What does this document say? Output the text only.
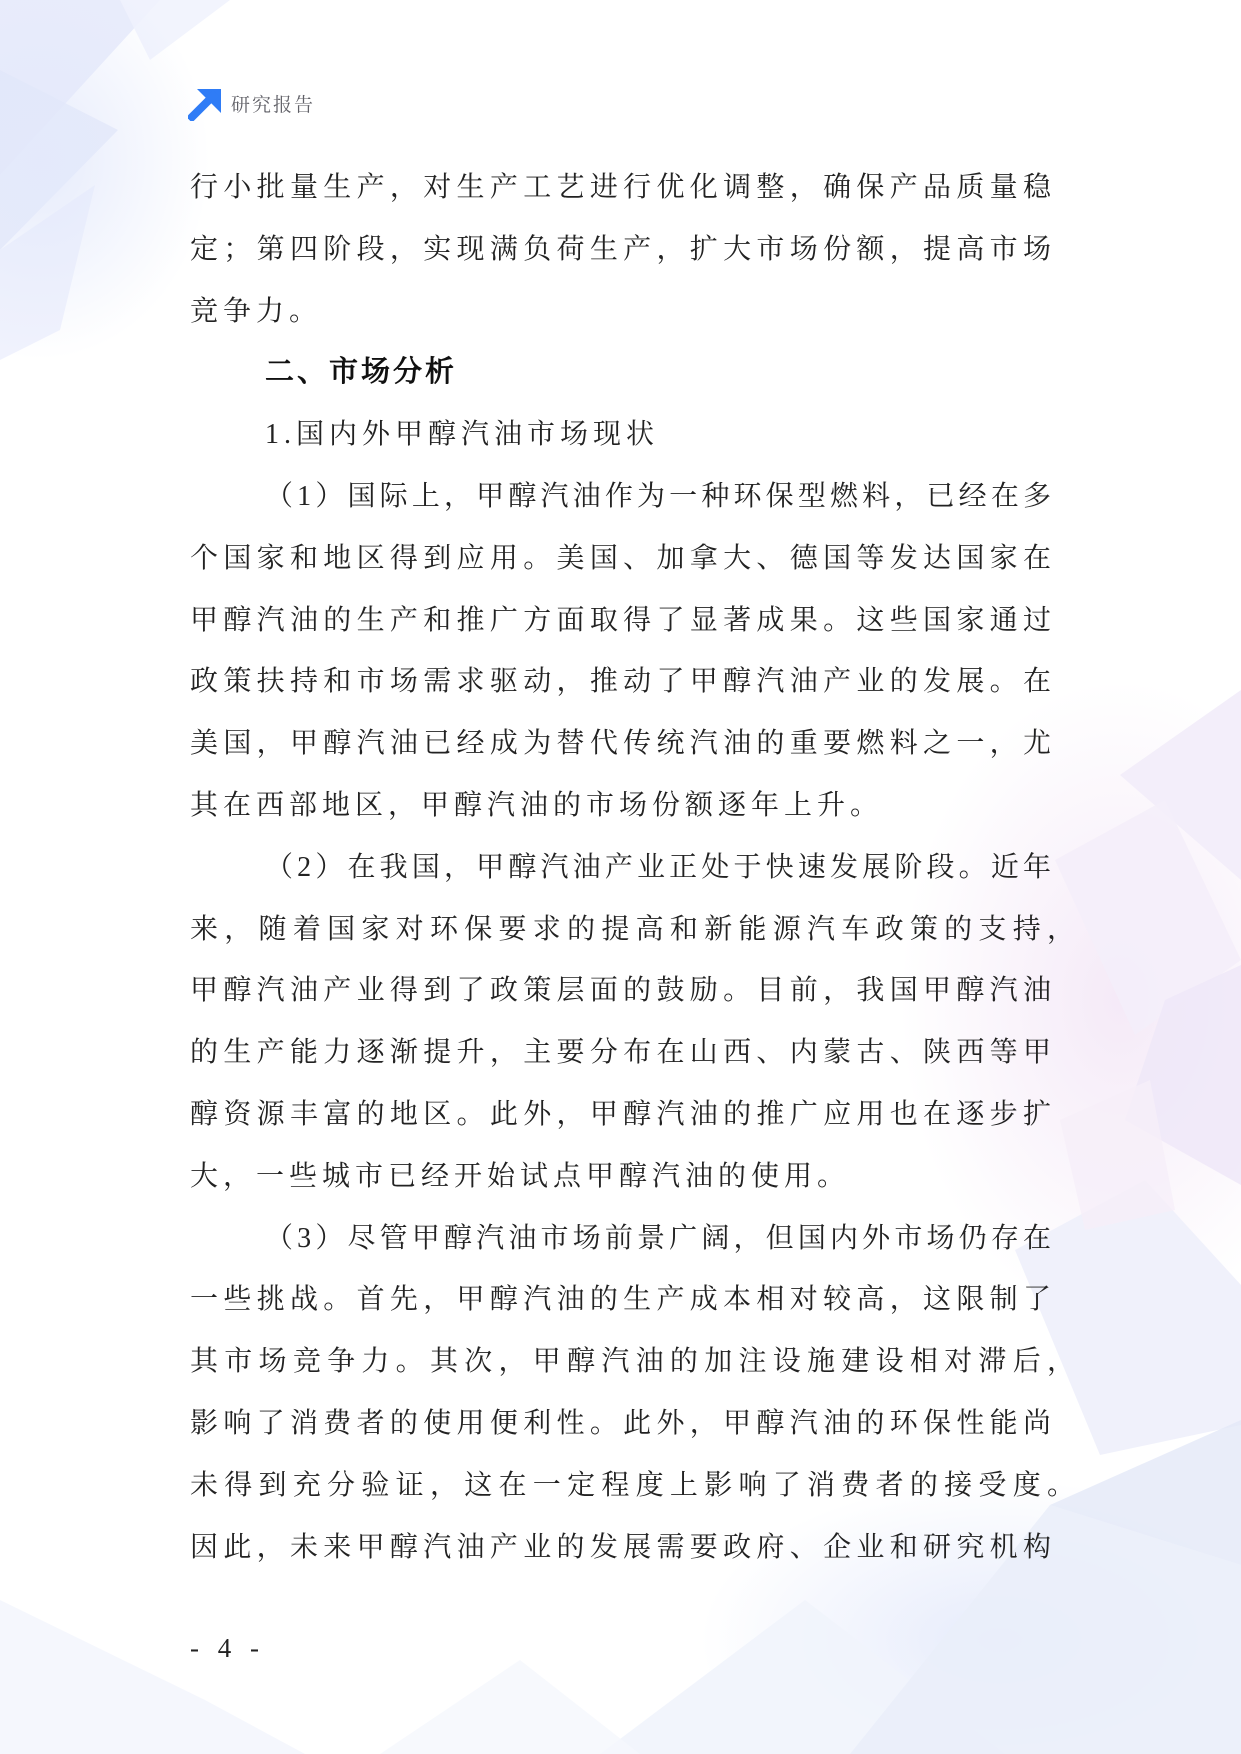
研究报告
行小批量生产，对生产工艺进行优化调整，确保产品质量稳
定；第四阶段，实现满负荷生产，扩大市场份额，提高市场
竞争力。
二、市场分析
1.国内外甲醇汽油市场现状
（1）国际上，甲醇汽油作为一种环保型燃料，已经在多
个国家和地区得到应用。美国、加拿大、德国等发达国家在
甲醇汽油的生产和推广方面取得了显著成果。这些国家通过
政策扶持和市场需求驱动，推动了甲醇汽油产业的发展。在
美国，甲醇汽油已经成为替代传统汽油的重要燃料之一，尤
其在西部地区，甲醇汽油的市场份额逐年上升。
（2）在我国，甲醇汽油产业正处于快速发展阶段。近年
来，随着国家对环保要求的提高和新能源汽车政策的支持，
甲醇汽油产业得到了政策层面的鼓励。目前，我国甲醇汽油
的生产能力逐渐提升，主要分布在山西、内蒙古、陕西等甲
醇资源丰富的地区。此外，甲醇汽油的推广应用也在逐步扩
大，一些城市已经开始试点甲醇汽油的使用。
（3）尽管甲醇汽油市场前景广阔，但国内外市场仍存在
一些挑战。首先，甲醇汽油的生产成本相对较高，这限制了
其市场竞争力。其次，甲醇汽油的加注设施建设相对滞后，
影响了消费者的使用便利性。此外，甲醇汽油的环保性能尚
未得到充分验证，这在一定程度上影响了消费者的接受度。
因此，未来甲醇汽油产业的发展需要政府、企业和研究机构
- 4 -
